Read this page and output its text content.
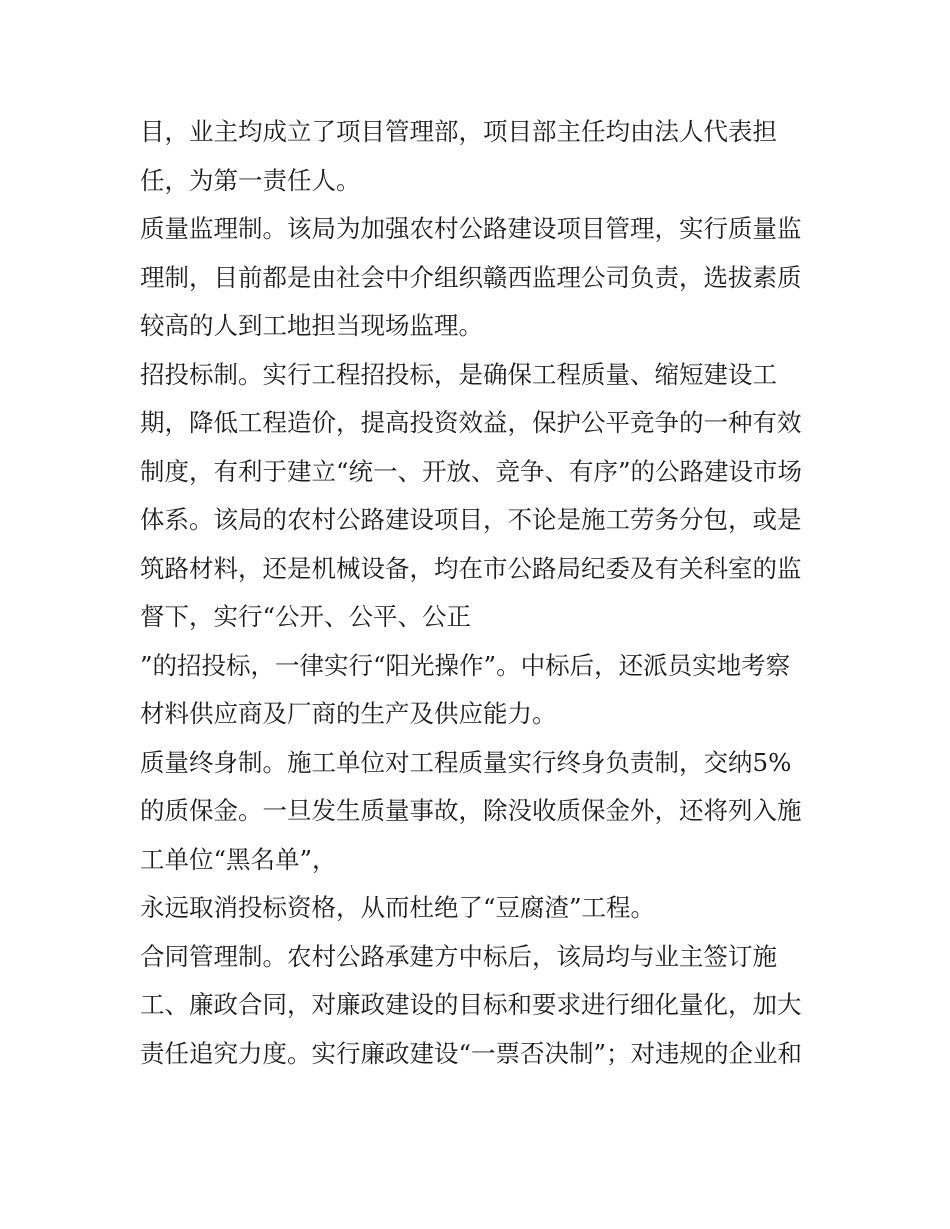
目，业主均成立了项目管理部，项目部主任均由法人代表担
任，为第一责任人。
质量监理制。该局为加强农村公路建设项目管理，实行质量监
理制，目前都是由社会中介组织赣西监理公司负责，选拔素质
较高的人到工地担当现场监理。
招投标制。实行工程招投标，是确保工程质量、缩短建设工
期，降低工程造价，提高投资效益，保护公平竞争的一种有效
制度，有利于建立“统一、开放、竞争、有序”的公路建设市场
体系。该局的农村公路建设项目，不论是施工劳务分包，或是
筑路材料，还是机械设备，均在市公路局纪委及有关科室的监
督下，实行“公开、公平、公正
”的招投标，一律实行“阳光操作”。中标后，还派员实地考察
材料供应商及厂商的生产及供应能力。
质量终身制。施工单位对工程质量实行终身负责制，交纳5%
的质保金。一旦发生质量事故，除没收质保金外，还将列入施
工单位“黑名单”，
永远取消投标资格，从而杜绝了“豆腐渣”工程。
合同管理制。农村公路承建方中标后，该局均与业主签订施
工、廉政合同，对廉政建设的目标和要求进行细化量化，加大
责任追究力度。实行廉政建设“一票否决制”；对违规的企业和
